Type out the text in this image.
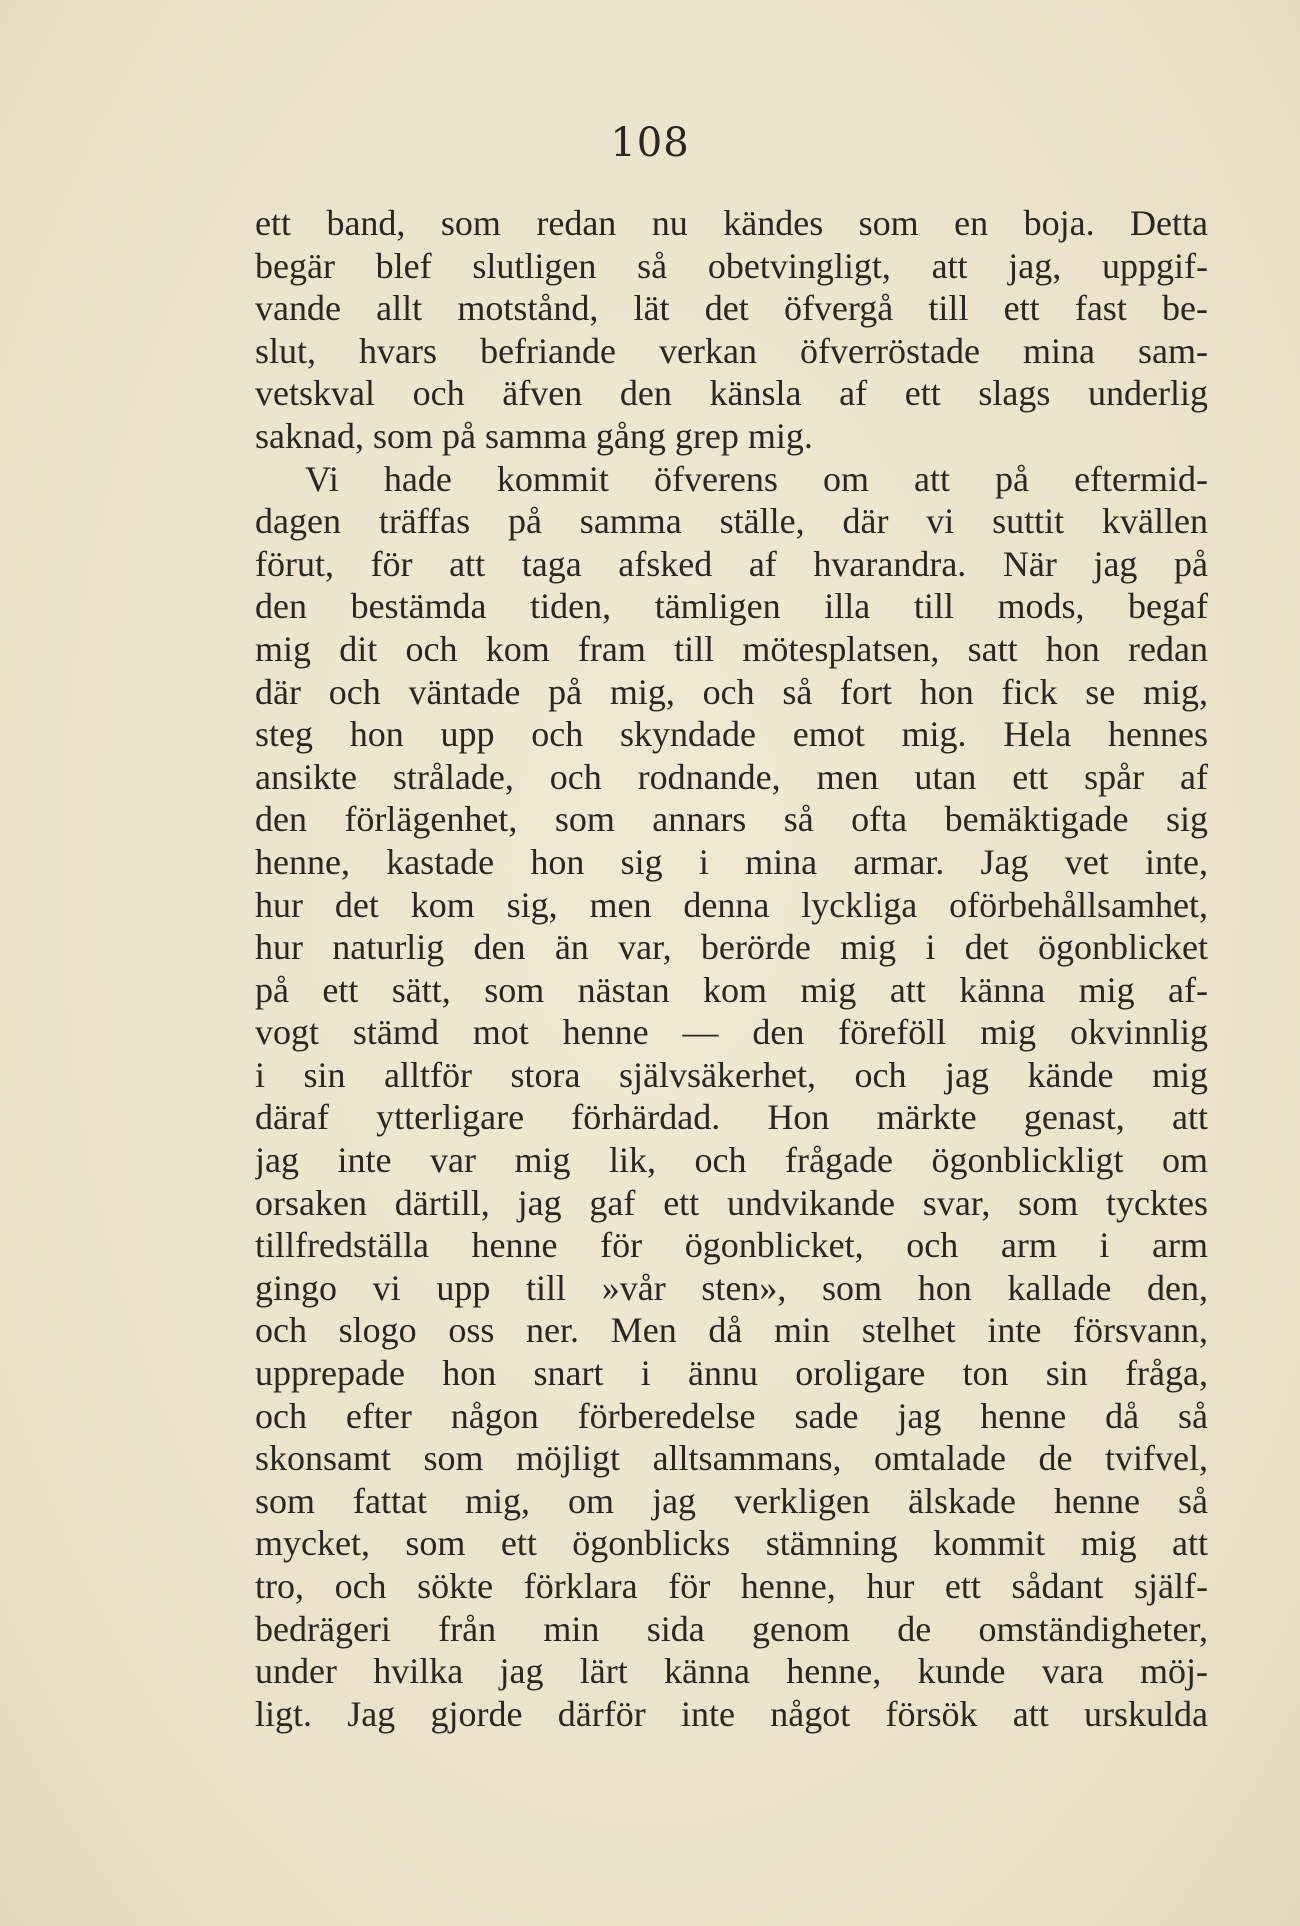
108
ett band, som redan nu kändes som en boja. Detta
begär blef slutligen så obetvingligt, att jag, uppgif-
vande allt motstånd, lät det öfvergå till ett fast be-
slut, hvars befriande verkan öfverröstade mina sam-
vetskval och äfven den känsla af ett slags underlig
saknad, som på samma gång grep mig.
Vi hade kommit öfverens om att på eftermid-
dagen träffas på samma ställe, där vi suttit kvällen
förut, för att taga afsked af hvarandra. När jag på
den bestämda tiden, tämligen illa till mods, begaf
mig dit och kom fram till mötesplatsen, satt hon redan
där och väntade på mig, och så fort hon fick se mig,
steg hon upp och skyndade emot mig. Hela hennes
ansikte strålade, och rodnande, men utan ett spår af
den förlägenhet, som annars så ofta bemäktigade sig
henne, kastade hon sig i mina armar. Jag vet inte,
hur det kom sig, men denna lyckliga oförbehållsamhet,
hur naturlig den än var, berörde mig i det ögonblicket
på ett sätt, som nästan kom mig att känna mig af-
vogt stämd mot henne — den föreföll mig okvinnlig
i sin alltför stora självsäkerhet, och jag kände mig
däraf ytterligare förhärdad. Hon märkte genast, att
jag inte var mig lik, och frågade ögonblickligt om
orsaken därtill, jag gaf ett undvikande svar, som tycktes
tillfredställa henne för ögonblicket, och arm i arm
gingo vi upp till »vår sten», som hon kallade den,
och slogo oss ner. Men då min stelhet inte försvann,
upprepade hon snart i ännu oroligare ton sin fråga,
och efter någon förberedelse sade jag henne då så
skonsamt som möjligt alltsammans, omtalade de tvifvel,
som fattat mig, om jag verkligen älskade henne så
mycket, som ett ögonblicks stämning kommit mig att
tro, och sökte förklara för henne, hur ett sådant själf-
bedrägeri från min sida genom de omständigheter,
under hvilka jag lärt känna henne, kunde vara möj-
ligt. Jag gjorde därför inte något försök att urskulda
